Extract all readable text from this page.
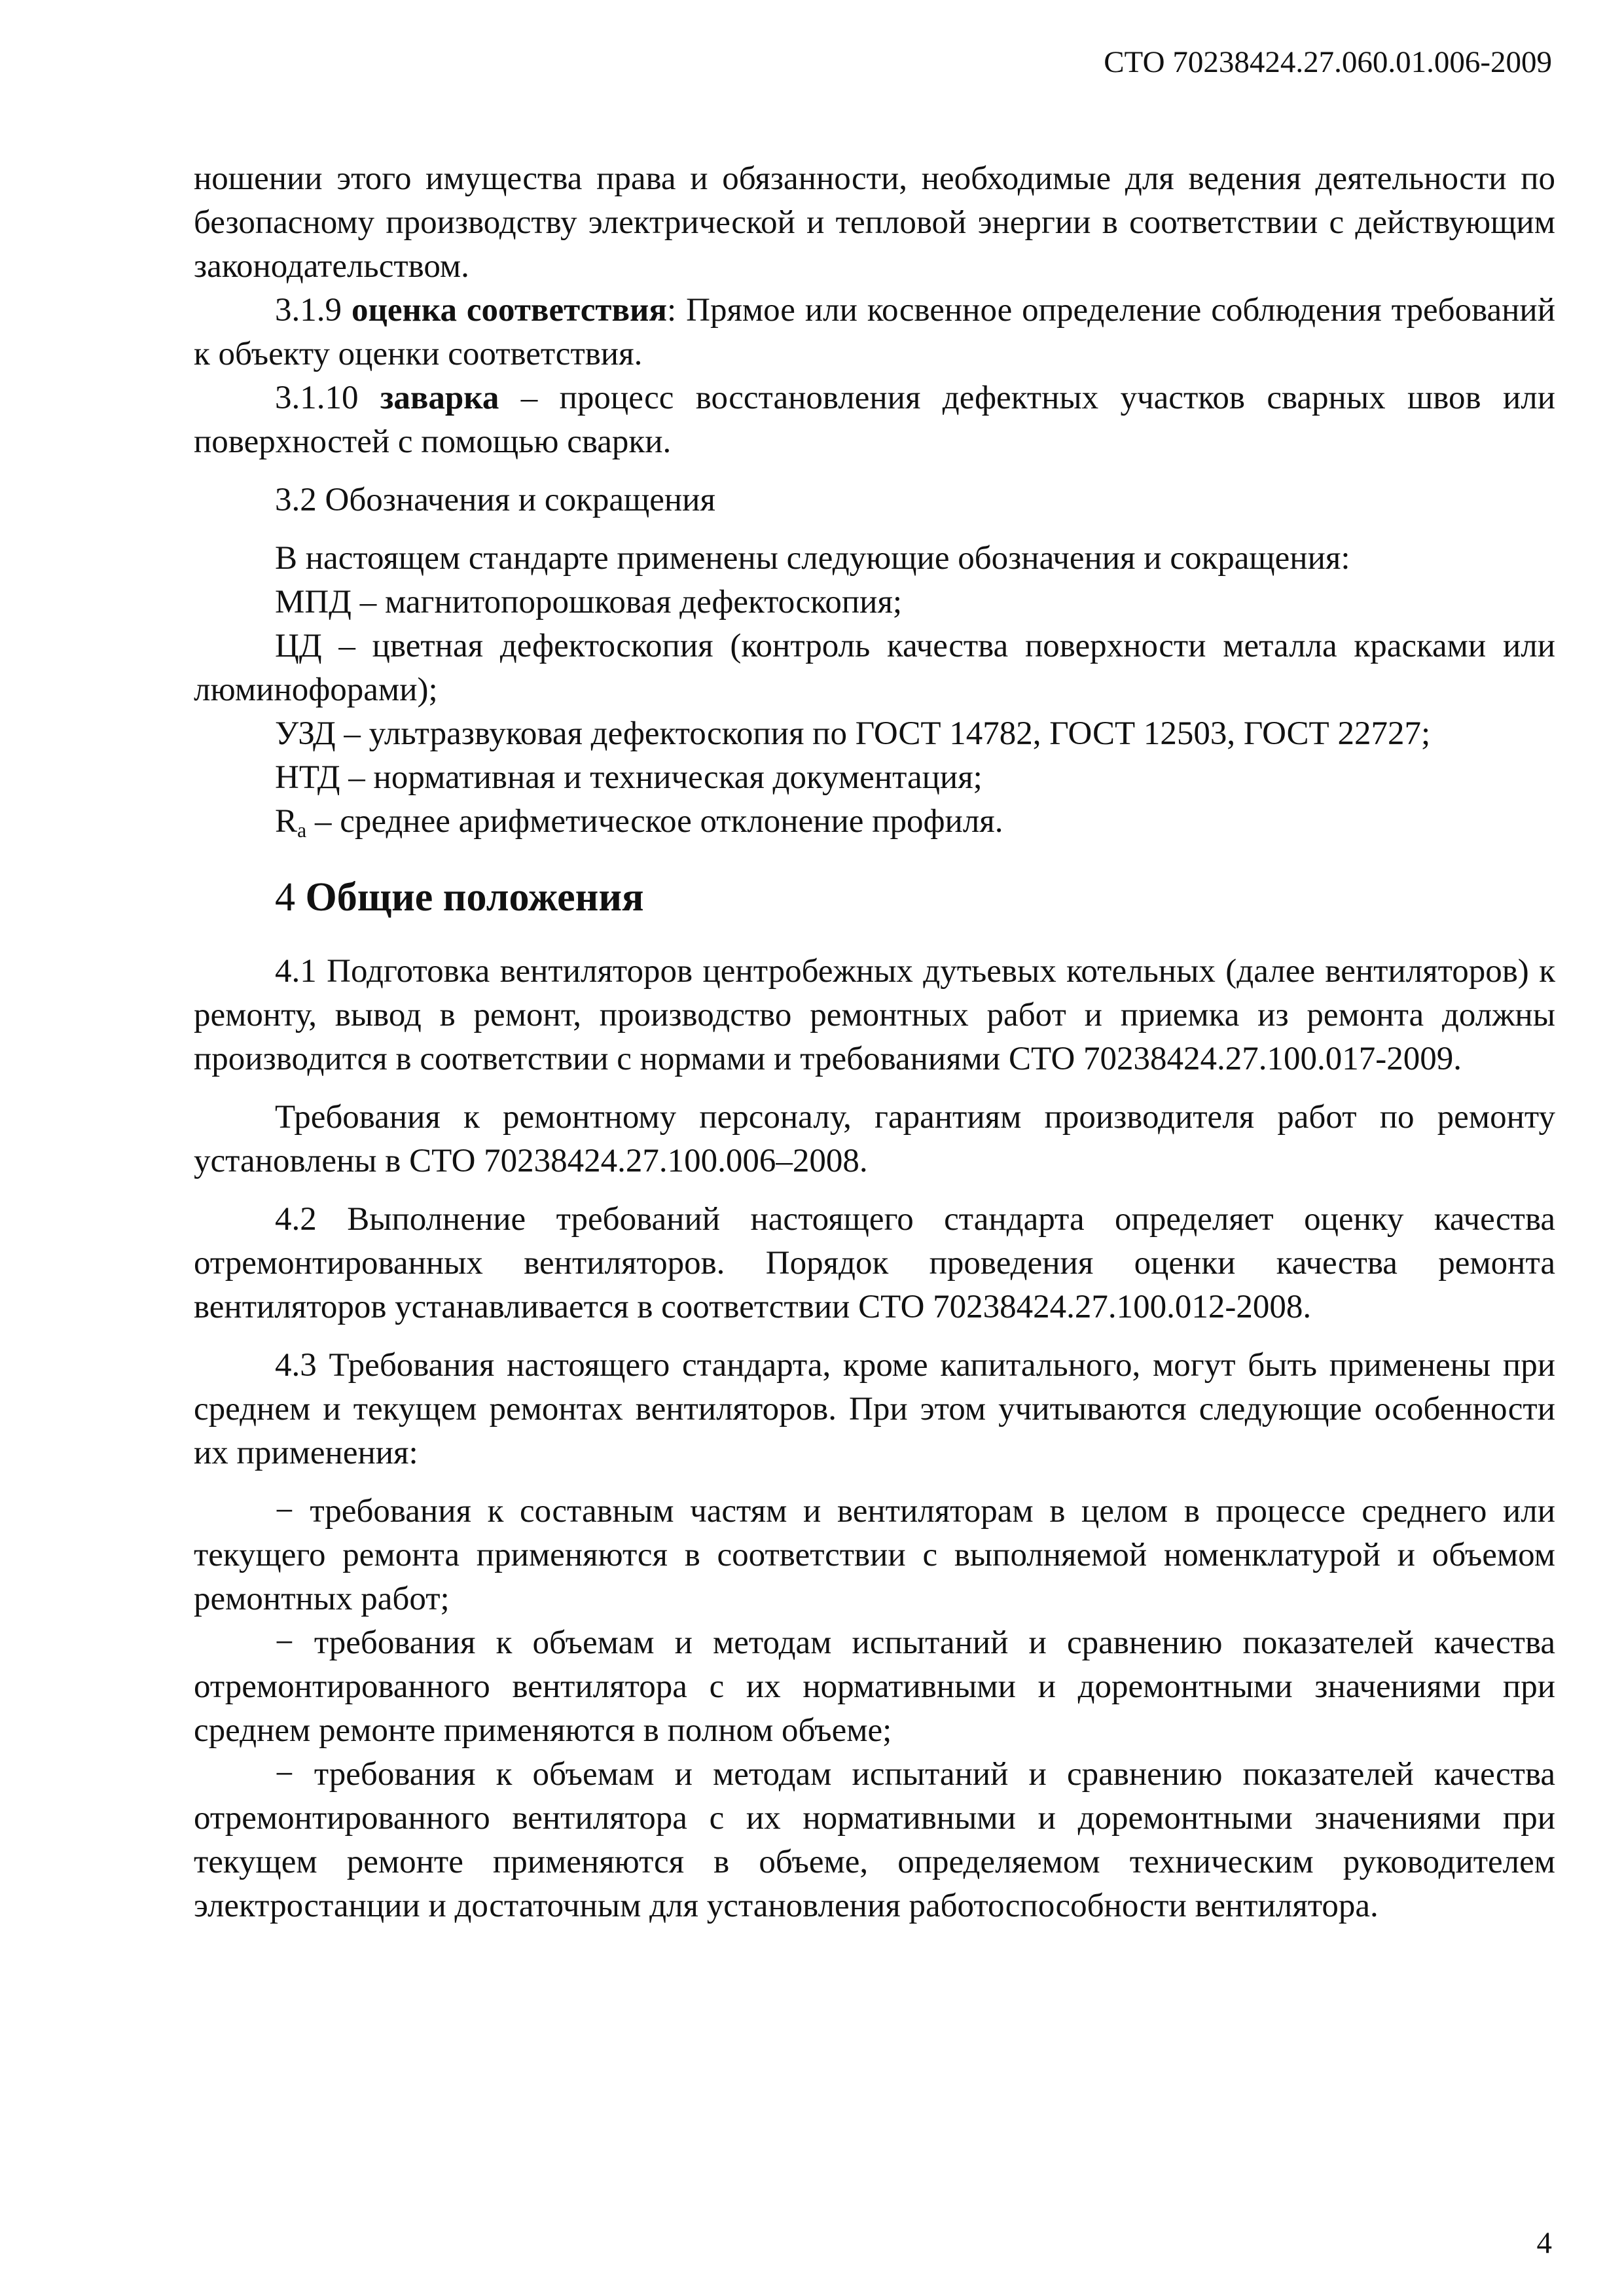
СТО 70238424.27.060.01.006-2009

ношении этого имущества права и обязанности, необходимые для ведения деятельности по безопасному производству электрической и тепловой энергии в соответствии с действующим законодательством.

3.1.9 оценка соответствия: Прямое или косвенное определение соблюдения требований к объекту оценки соответствия.

3.1.10 заварка – процесс восстановления дефектных участков сварных швов или поверхностей с помощью сварки.

3.2 Обозначения и сокращения

В настоящем стандарте применены следующие обозначения и сокращения:

МПД – магнитопорошковая дефектоскопия;

ЦД – цветная дефектоскопия (контроль качества поверхности металла красками или люминофорами);

УЗД – ультразвуковая дефектоскопия по ГОСТ 14782, ГОСТ 12503, ГОСТ 22727;

НТД – нормативная и техническая документация;

$R_a$ – среднее арифметическое отклонение профиля.

4 Общие положения

4.1 Подготовка вентиляторов центробежных дутьевых котельных (далее вентиляторов) к ремонту, вывод в ремонт, производство ремонтных работ и приемка из ремонта должны производится в соответствии с нормами и требованиями СТО 70238424.27.100.017-2009.

Требования к ремонтному персоналу, гарантиям производителя работ по ремонту установлены в СТО 70238424.27.100.006–2008.

4.2 Выполнение требований настоящего стандарта определяет оценку качества отремонтированных вентиляторов. Порядок проведения оценки качества ремонта вентиляторов устанавливается в соответствии СТО 70238424.27.100.012-2008.

4.3 Требования настоящего стандарта, кроме капитального, могут быть применены при среднем и текущем ремонтах вентиляторов. При этом учитываются следующие особенности их применения:

− требования к составным частям и вентиляторам в целом в процессе среднего или текущего ремонта применяются в соответствии с выполняемой номенклатурой и объемом ремонтных работ;

− требования к объемам и методам испытаний и сравнению показателей качества отремонтированного вентилятора с их нормативными и доремонтными значениями при среднем ремонте применяются в полном объеме;

− требования к объемам и методам испытаний и сравнению показателей качества отремонтированного вентилятора с их нормативными и доремонтными значениями при текущем ремонте применяются в объеме, определяемом техническим руководителем электростанции и достаточным для установления работоспособности вентилятора.

4
